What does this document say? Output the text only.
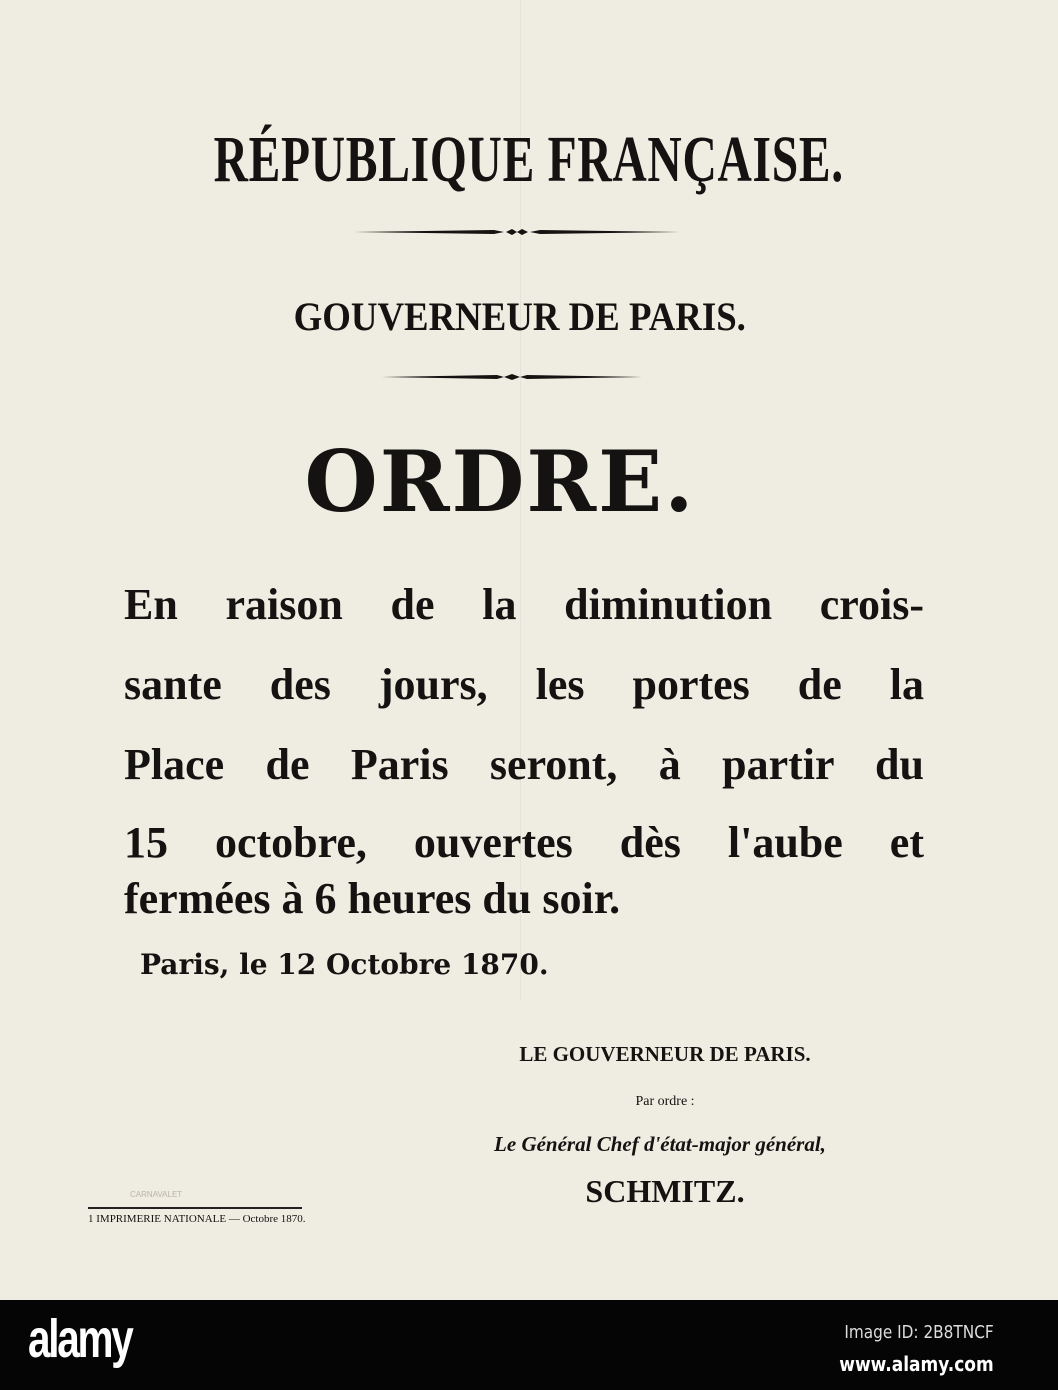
RÉPUBLIQUE FRANÇAISE.
GOUVERNEUR DE PARIS.
ORDRE.
En raison de la diminution crois-
sante des jours, les portes de la
Place de Paris seront, à partir du
15 octobre, ouvertes dès l'aube et
fermées à 6 heures du soir.
Paris, le 12 Octobre 1870.
LE GOUVERNEUR DE PARIS.
Par ordre :
Le Général Chef d'état-major général,
SCHMITZ.
CARNAVALET
1 IMPRIMERIE NATIONALE — Octobre 1870.
alamy	Image ID: 2B8TNCF
www.alamy.com
